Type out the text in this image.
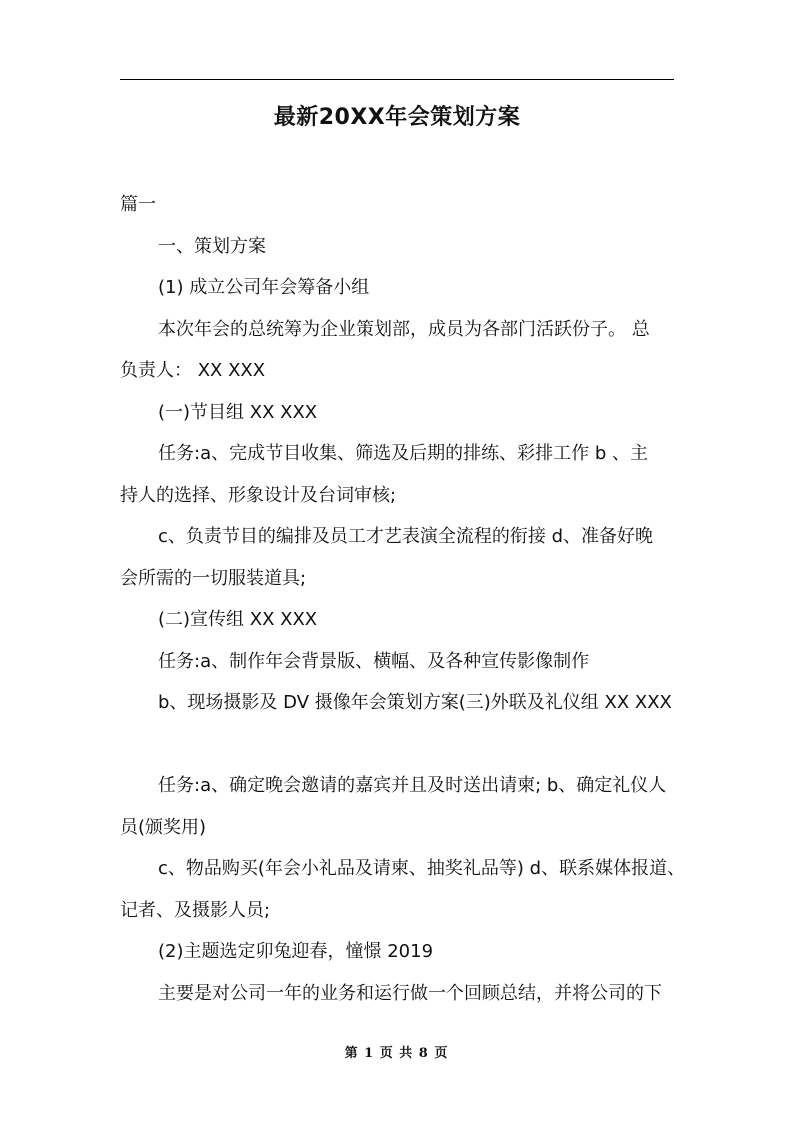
最新20XX年会策划方案

篇一

一、策划方案

(1) 成立公司年会筹备小组

本次年会的总统筹为企业策划部，成员为各部门活跃份子。 总

负责人： XX XXX

(一)节目组 XX XXX

任务:a、完成节目收集、筛选及后期的排练、彩排工作 b 、主

持人的选择、形象设计及台词审核;

c、负责节目的编排及员工才艺表演全流程的衔接 d、准备好晚

会所需的一切服装道具;

(二)宣传组 XX XXX

任务:a、制作年会背景版、横幅、及各种宣传影像制作

b、现场摄影及 DV 摄像年会策划方案(三)外联及礼仪组 XX XXX

任务:a、确定晚会邀请的嘉宾并且及时送出请柬; b、确定礼仪人

员(颁奖用)

c、物品购买(年会小礼品及请柬、抽奖礼品等) d、联系媒体报道、

记者、及摄影人员;

(2)主题选定卯兔迎春，憧憬 2019

主要是对公司一年的业务和运行做一个回顾总结，并将公司的下

第 1 页 共 8 页
